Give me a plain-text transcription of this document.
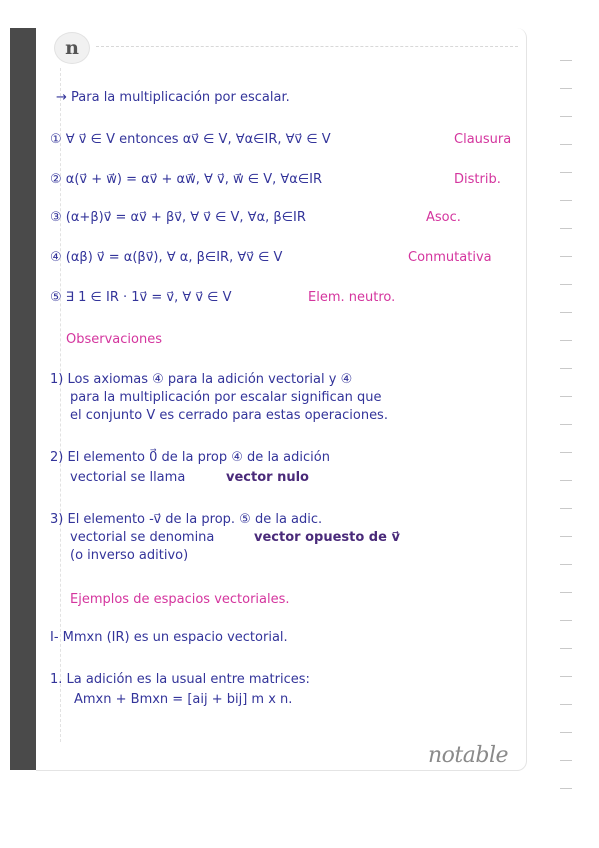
n
→ Para la multiplicación por escalar.
① ∀ v⃗ ∈ V entonces αv⃗ ∈ V, ∀α∈IR, ∀v⃗ ∈ V	Clausura
② α(v⃗ + w⃗) = αv⃗ + αw⃗, ∀ v⃗, w⃗ ∈ V, ∀α∈IR	Distrib.
③ (α+β)v⃗ = αv⃗ + βv⃗, ∀ v⃗ ∈ V, ∀α, β∈IR	Asoc.
④ (αβ) v⃗ = α(βv⃗), ∀ α, β∈IR, ∀v⃗ ∈ V	Conmutativa
⑤ ∃ 1 ∈ IR · 1v⃗ = v⃗, ∀ v⃗ ∈ V	Elem. neutro.
Observaciones
1) Los axiomas ④ para la adición vectorial y ④
para la multiplicación por escalar significan que
el conjunto V es cerrado para estas operaciones.
2) El elemento 0⃗ de la prop ④ de la adición
vectorial se llama	vector nulo
3) El elemento -v⃗ de la prop. ⑤ de la adic.
vectorial se denomina	vector opuesto de v⃗
(o inverso aditivo)
Ejemplos de espacios vectoriales.
I- Mmxn (IR) es un espacio vectorial.
1. La adición es la usual entre matrices:
Amxn + Bmxn = [aij + bij] m x n.
notable
